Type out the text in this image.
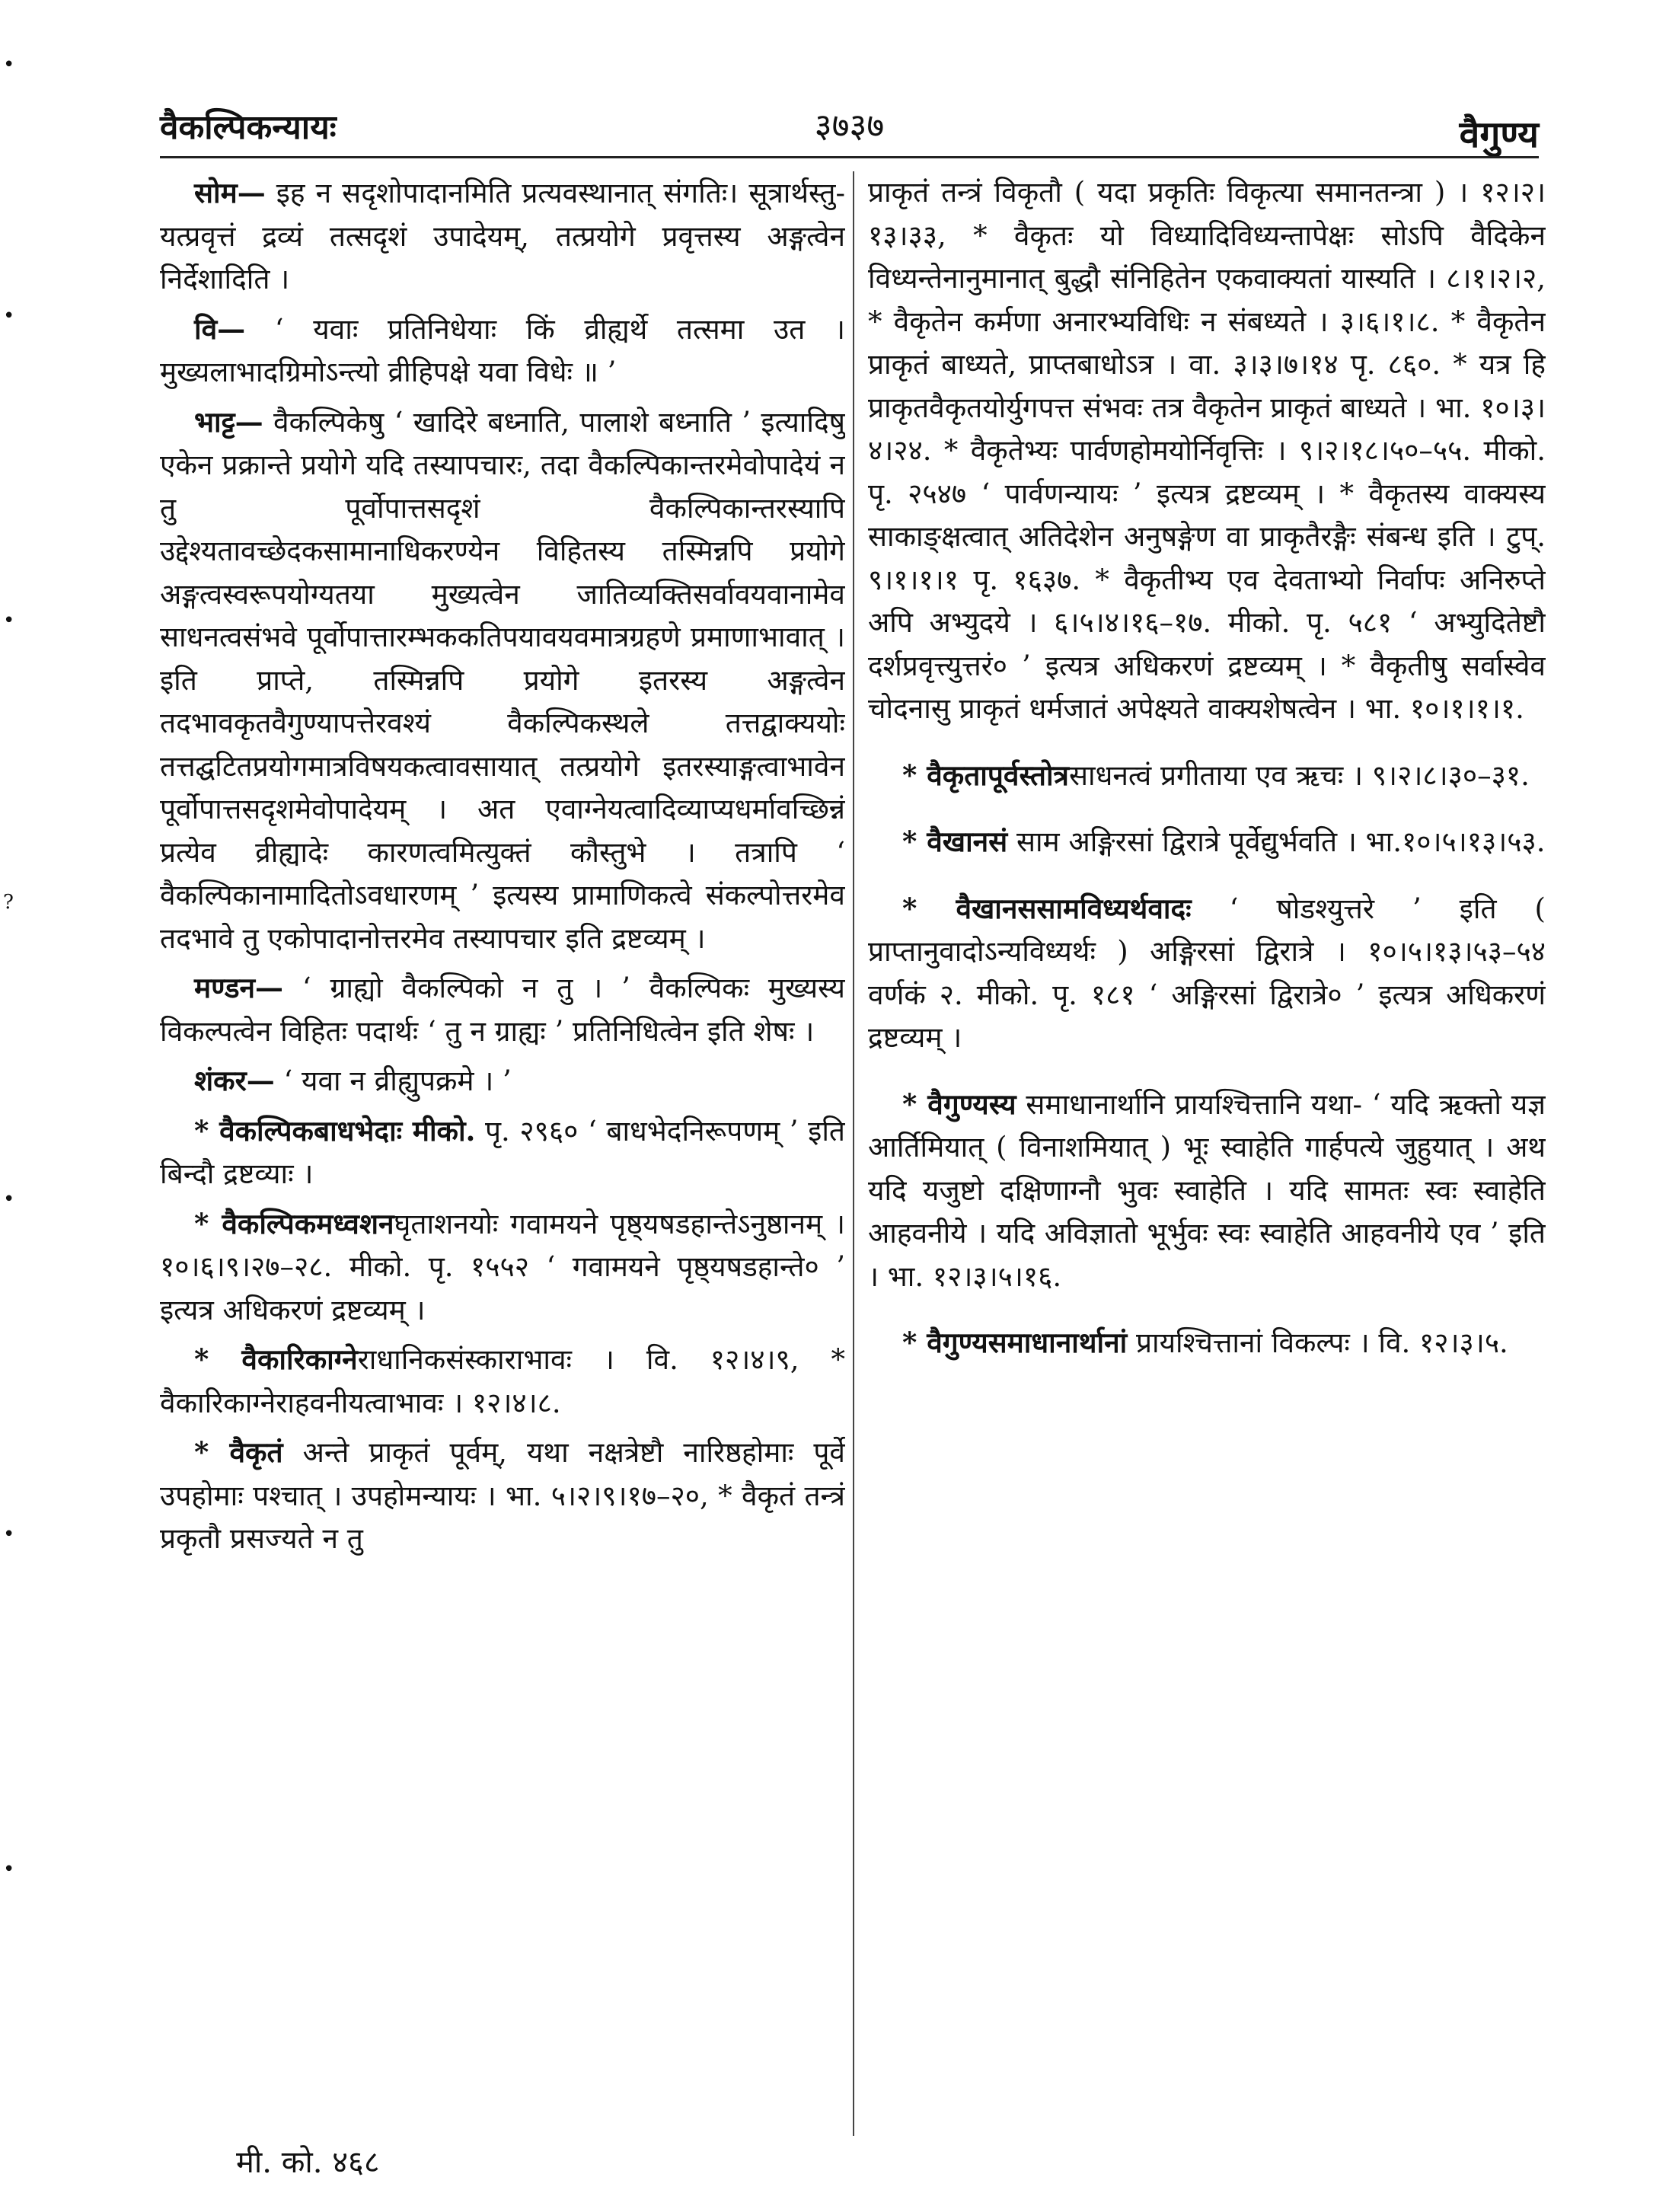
वैकल्पिकन्यायः	३७३७	वैगुण्य
•
•
•
?
•
•
•

सोम— इह न सदृशोपादानमिति प्रत्यवस्थानात् संगतिः। सूत्रार्थस्तु- यत्प्रवृत्तं द्रव्यं तत्सदृशं उपादेयम्, तत्प्रयोगे प्रवृत्तस्य अङ्गत्वेन निर्देशादिति ।

वि— ‘ यवाः प्रतिनिधेयाः किं व्रीह्यर्थे तत्समा उत । मुख्यलाभादग्रिमोऽन्त्यो व्रीहिपक्षे यवा विधेः ॥ ’

भाट्ट— वैकल्पिकेषु ‘ खादिरे बध्नाति, पालाशे बध्नाति ’ इत्यादिषु एकेन प्रक्रान्ते प्रयोगे यदि तस्यापचारः, तदा वैकल्पिकान्तरमेवोपादेयं न तु पूर्वोपात्तसदृशं वैकल्पिकान्तरस्यापि उद्देश्यतावच्छेदकसामानाधिकरण्येन विहितस्य तस्मिन्नपि प्रयोगे अङ्गत्वस्वरूपयोग्यतया मुख्यत्वेन जातिव्यक्तिसर्वावयवानामेव साधनत्वसंभवे पूर्वोपात्तारम्भककतिपयावयवमात्रग्रहणे प्रमाणाभावात् । इति प्राप्ते, तस्मिन्नपि प्रयोगे इतरस्य अङ्गत्वेन तदभावकृतवैगुण्यापत्तेरवश्यं वैकल्पिकस्थले तत्तद्वाक्ययोः तत्तद्घटितप्रयोगमात्रविषयकत्वावसायात् तत्प्रयोगे इतरस्याङ्गत्वाभावेन पूर्वोपात्तसदृशमेवोपादेयम् । अत एवाग्नेयत्वादिव्याप्यधर्मावच्छिन्नं प्रत्येव व्रीह्यादेः कारणत्वमित्युक्तं कौस्तुभे । तत्रापि ‘ वैकल्पिकानामादितोऽवधारणम् ’ इत्यस्य प्रामाणिकत्वे संकल्पोत्तरमेव तदभावे तु एकोपादानोत्तरमेव तस्यापचार इति द्रष्टव्यम् ।

मण्डन— ‘ ग्राह्यो वैकल्पिको न तु । ’ वैकल्पिकः मुख्यस्य विकल्पत्वेन विहितः पदार्थः ‘ तु न ग्राह्यः ’ प्रतिनिधित्वेन इति शेषः ।

शंकर— ‘ यवा न व्रीह्युपक्रमे । ’

* वैकल्पिकबाधभेदाः मीको. पृ. २९६० ‘ बाधभेदनिरूपणम् ’ इति बिन्दौ द्रष्टव्याः ।

* वैकल्पिकमध्वशनघृताशनयोः गवामयने पृष्ठ्यषडहान्तेऽनुष्ठानम् । १०।६।९।२७–२८. मीको. पृ. १५५२ ‘ गवामयने पृष्ठ्यषडहान्ते० ’ इत्यत्र अधिकरणं द्रष्टव्यम् ।

* वैकारिकाग्नेराधानिकसंस्काराभावः । वि. १२।४।९, * वैकारिकाग्नेराहवनीयत्वाभावः । १२।४।८.

* वैकृतं अन्ते प्राकृतं पूर्वम्, यथा नक्षत्रेष्टौ नारिष्ठहोमाः पूर्वे उपहोमाः पश्चात् । उपहोमन्यायः । भा. ५।२।९।१७–२०, * वैकृतं तन्त्रं प्रकृतौ प्रसज्यते न तु

प्राकृतं तन्त्रं विकृतौ ( यदा प्रकृतिः विकृत्या समानतन्त्रा ) । १२।२।१३।३३, * वैकृतः यो विध्यादिविध्यन्तापेक्षः सोऽपि वैदिकेन विध्यन्तेनानुमानात् बुद्धौ संनिहितेन एकवाक्यतां यास्यति । ८।१।२।२, * वैकृतेन कर्मणा अनारभ्यविधिः न संबध्यते । ३।६।१।८. * वैकृतेन प्राकृतं बाध्यते, प्राप्तबाधोऽत्र । वा. ३।३।७।१४ पृ. ८६०. * यत्र हि प्राकृतवैकृतयोर्युगपत्त संभवः तत्र वैकृतेन प्राकृतं बाध्यते । भा. १०।३।४।२४. * वैकृतेभ्यः पार्वणहोमयोर्निवृत्तिः । ९।२।१८।५०–५५. मीको. पृ. २५४७ ‘ पार्वणन्यायः ’ इत्यत्र द्रष्टव्यम् । * वैकृतस्य वाक्यस्य साकाङ्क्षत्वात् अतिदेशेन अनुषङ्गेण वा प्राकृतैरङ्गैः संबन्ध इति । टुप्. ९।१।१।१ पृ. १६३७. * वैकृतीभ्य एव देवताभ्यो निर्वापः अनिरुप्ते अपि अभ्युदये । ६।५।४।१६–१७. मीको. पृ. ५८१ ‘ अभ्युदितेष्टौ दर्शप्रवृत्त्युत्तरं० ’ इत्यत्र अधिकरणं द्रष्टव्यम् । * वैकृतीषु सर्वास्वेव चोदनासु प्राकृतं धर्मजातं अपेक्ष्यते वाक्यशेषत्वेन । भा. १०।१।१।१.

* वैकृतापूर्वस्तोत्रसाधनत्वं प्रगीताया एव ऋचः । ९।२।८।३०–३१.

* वैखानसं साम अङ्गिरसां द्विरात्रे पूर्वेद्युर्भवति । भा.१०।५।१३।५३.

* वैखानससामविध्यर्थवादः ‘ षोडश्युत्तरे ’ इति ( प्राप्तानुवादोऽन्यविध्यर्थः ) अङ्गिरसां द्विरात्रे । १०।५।१३।५३–५४ वर्णकं २. मीको. पृ. १८१ ‘ अङ्गिरसां द्विरात्रे० ’ इत्यत्र अधिकरणं द्रष्टव्यम् ।

* वैगुण्यस्य समाधानार्थानि प्रायश्चित्तानि यथा- ‘ यदि ऋक्तो यज्ञ आर्तिमियात् ( विनाशमियात् ) भूः स्वाहेति गार्हपत्ये जुहुयात् । अथ यदि यजुष्टो दक्षिणाग्नौ भुवः स्वाहेति । यदि सामतः स्वः स्वाहेति आहवनीये । यदि अविज्ञातो भूर्भुवः स्वः स्वाहेति आहवनीये एव ’ इति । भा. १२।३।५।१६.

* वैगुण्यसमाधानार्थानां प्रायश्चित्तानां विकल्पः । वि. १२।३।५.

मी. को. ४६८
